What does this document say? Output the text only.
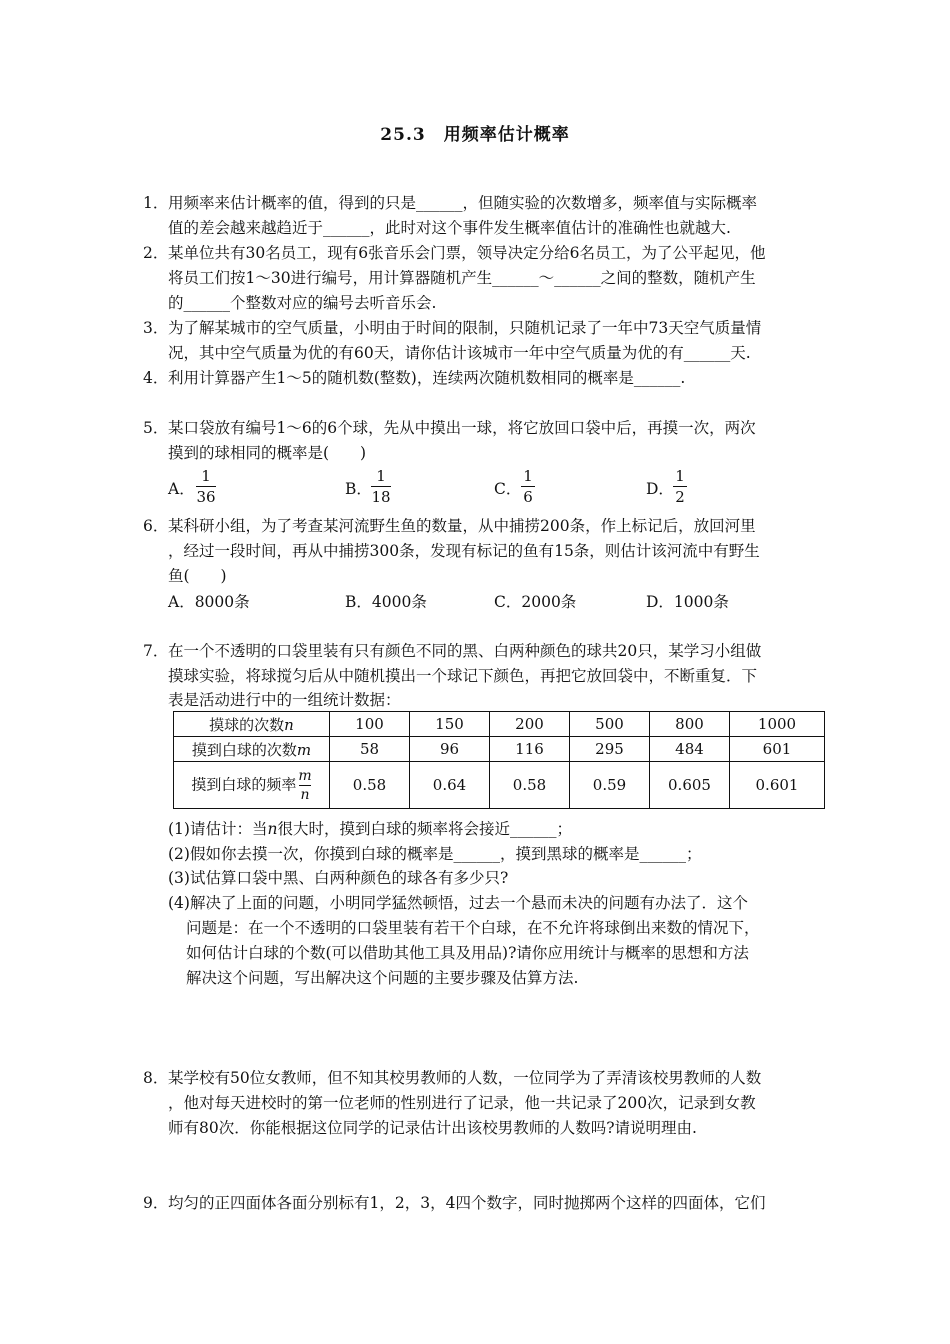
25.3　用频率估计概率
1． 用频率来估计概率的值，得到的只是______，但随实验的次数增多，频率值与实际概率
值的差会越来越趋近于______，此时对这个事件发生概率值估计的准确性也就越大.
2． 某单位共有30名员工，现有6张音乐会门票，领导决定分给6名员工，为了公平起见，他
将员工们按1～30进行编号，用计算器随机产生______～______之间的整数，随机产生
的______个整数对应的编号去听音乐会.
3． 为了解某城市的空气质量，小明由于时间的限制，只随机记录了一年中73天空气质量情
况，其中空气质量为优的有60天，请你估计该城市一年中空气质量为优的有______天.
4． 利用计算器产生1～5的随机数(整数)，连续两次随机数相同的概率是______.
5． 某口袋放有编号1～6的6个球，先从中摸出一球，将它放回口袋中后，再摸一次，两次
摸到的球相同的概率是(　　)
A．
1
36	B．
1
18	C．
1
6	D．
1
2
6． 某科研小组，为了考查某河流野生鱼的数量，从中捕捞200条，作上标记后，放回河里
，经过一段时间，再从中捕捞300条，发现有标记的鱼有15条，则估计该河流中有野生
鱼(　　)
A．8000条	B．4000条	C．2000条	D．1000条
7． 在一个不透明的口袋里装有只有颜色不同的黑、白两种颜色的球共20只，某学习小组做
摸球实验，将球搅匀后从中随机摸出一个球记下颜色，再把它放回袋中，不断重复．下
表是活动进行中的一组统计数据：
摸球的次数n	100	150	200	500	800	1000
摸到白球的次数m	58	96	116	295	484	601
摸到白球的频率 $\frac{m}{n}$	0.58	0.64	0.58	0.59	0.605	0.601
(1)请估计：当n很大时，摸到白球的频率将会接近______；
(2)假如你去摸一次，你摸到白球的概率是______，摸到黑球的概率是______；
(3)试估算口袋中黑、白两种颜色的球各有多少只?
(4)解决了上面的问题，小明同学猛然顿悟，过去一个悬而未决的问题有办法了．这个
问题是：在一个不透明的口袋里装有若干个白球，在不允许将球倒出来数的情况下，
如何估计白球的个数(可以借助其他工具及用品)?请你应用统计与概率的思想和方法
解决这个问题，写出解决这个问题的主要步骤及估算方法.
8． 某学校有50位女教师，但不知其校男教师的人数，一位同学为了弄清该校男教师的人数
，他对每天进校时的第一位老师的性别进行了记录，他一共记录了200次，记录到女教
师有80次．你能根据这位同学的记录估计出该校男教师的人数吗?请说明理由.
9． 均匀的正四面体各面分别标有1，2，3，4四个数字，同时抛掷两个这样的四面体，它们
